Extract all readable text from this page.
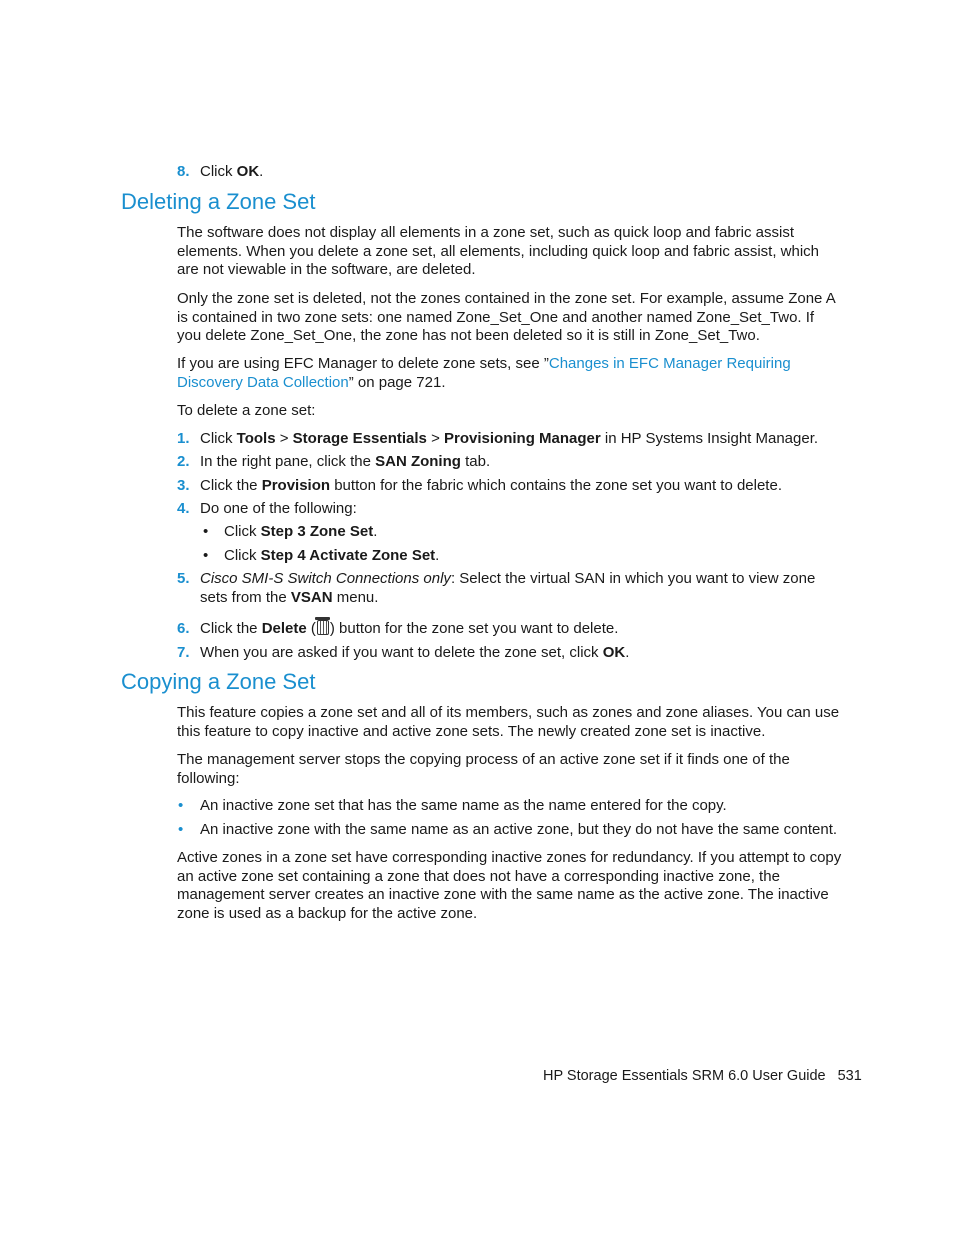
8. Click OK.
Deleting a Zone Set
The software does not display all elements in a zone set, such as quick loop and fabric assist elements. When you delete a zone set, all elements, including quick loop and fabric assist, which are not viewable in the software, are deleted.
Only the zone set is deleted, not the zones contained in the zone set. For example, assume Zone A is contained in two zone sets: one named Zone_Set_One and another named Zone_Set_Two. If you delete Zone_Set_One, the zone has not been deleted so it is still in Zone_Set_Two.
If you are using EFC Manager to delete zone sets, see ”Changes in EFC Manager Requiring Discovery Data Collection” on page 721.
To delete a zone set:
1. Click Tools > Storage Essentials > Provisioning Manager in HP Systems Insight Manager.
2. In the right pane, click the SAN Zoning tab.
3. Click the Provision button for the fabric which contains the zone set you want to delete.
4. Do one of the following:
• Click Step 3 Zone Set.
• Click Step 4 Activate Zone Set.
5. Cisco SMI-S Switch Connections only: Select the virtual SAN in which you want to view zone sets from the VSAN menu.
6. Click the Delete ( ) button for the zone set you want to delete.
7. When you are asked if you want to delete the zone set, click OK.
Copying a Zone Set
This feature copies a zone set and all of its members, such as zones and zone aliases. You can use this feature to copy inactive and active zone sets. The newly created zone set is inactive.
The management server stops the copying process of an active zone set if it finds one of the following:
• An inactive zone set that has the same name as the name entered for the copy.
• An inactive zone with the same name as an active zone, but they do not have the same content.
Active zones in a zone set have corresponding inactive zones for redundancy. If you attempt to copy an active zone set containing a zone that does not have a corresponding inactive zone, the management server creates an inactive zone with the same name as the active zone. The inactive zone is used as a backup for the active zone.
HP Storage Essentials SRM 6.0 User Guide 531
